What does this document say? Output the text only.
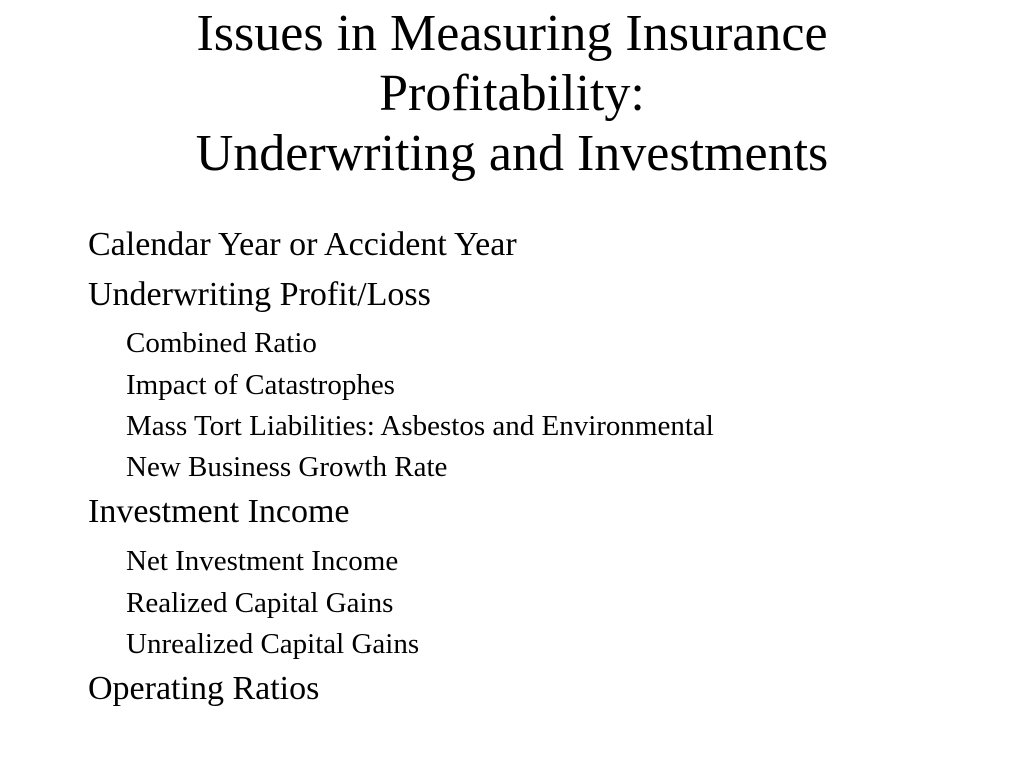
Issues in Measuring Insurance
Profitability:
Underwriting and Investments
Calendar Year or Accident Year
Underwriting Profit/Loss
Combined Ratio
Impact of Catastrophes
Mass Tort Liabilities: Asbestos and Environmental
New Business Growth Rate
Investment Income
Net Investment Income
Realized Capital Gains
Unrealized Capital Gains
Operating Ratios
